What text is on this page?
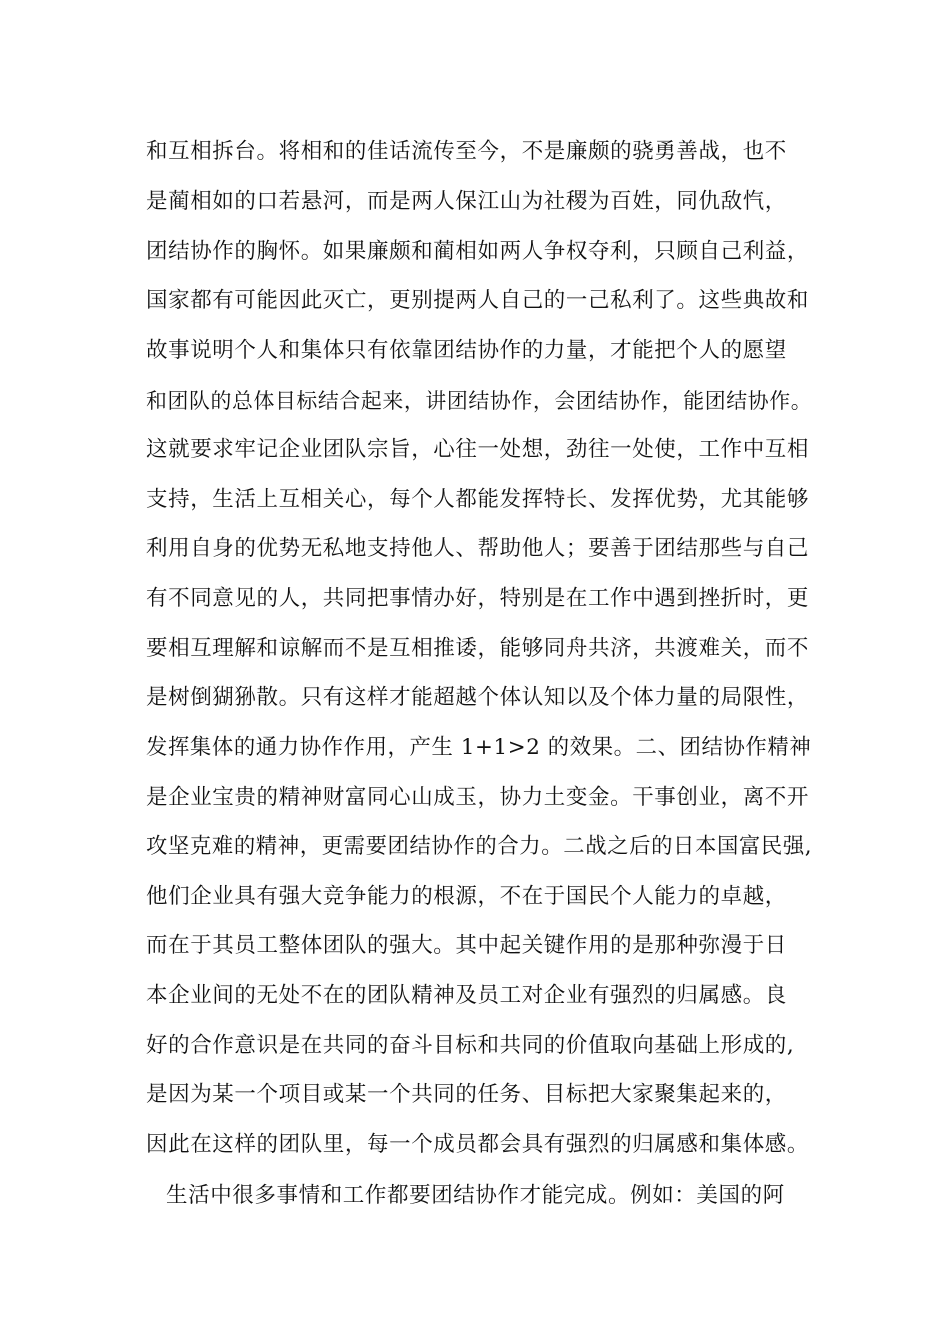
和互相拆台。将相和的佳话流传至今，不是廉颇的骁勇善战，也不
是蔺相如的口若悬河，而是两人保江山为社稷为百姓，同仇敌忾，
团结协作的胸怀。如果廉颇和蔺相如两人争权夺利，只顾自己利益，
国家都有可能因此灭亡，更别提两人自己的一己私利了。这些典故和
故事说明个人和集体只有依靠团结协作的力量，才能把个人的愿望
和团队的总体目标结合起来，讲团结协作，会团结协作，能团结协作。
这就要求牢记企业团队宗旨，心往一处想，劲往一处使，工作中互相
支持，生活上互相关心，每个人都能发挥特长、发挥优势，尤其能够
利用自身的优势无私地支持他人、帮助他人；要善于团结那些与自己
有不同意见的人，共同把事情办好，特别是在工作中遇到挫折时，更
要相互理解和谅解而不是互相推诿，能够同舟共济，共渡难关，而不
是树倒猢狲散。只有这样才能超越个体认知以及个体力量的局限性，
发挥集体的通力协作作用，产生 1+1>2 的效果。二、团结协作精神
是企业宝贵的精神财富同心山成玉，协力土变金。干事创业，离不开
攻坚克难的精神，更需要团结协作的合力。二战之后的日本国富民强,
他们企业具有强大竞争能力的根源，不在于国民个人能力的卓越，
而在于其员工整体团队的强大。其中起关键作用的是那种弥漫于日
本企业间的无处不在的团队精神及员工对企业有强烈的归属感。良
好的合作意识是在共同的奋斗目标和共同的价值取向基础上形成的,
是因为某一个项目或某一个共同的任务、目标把大家聚集起来的，
因此在这样的团队里，每一个成员都会具有强烈的归属感和集体感。
生活中很多事情和工作都要团结协作才能完成。例如：美国的阿
